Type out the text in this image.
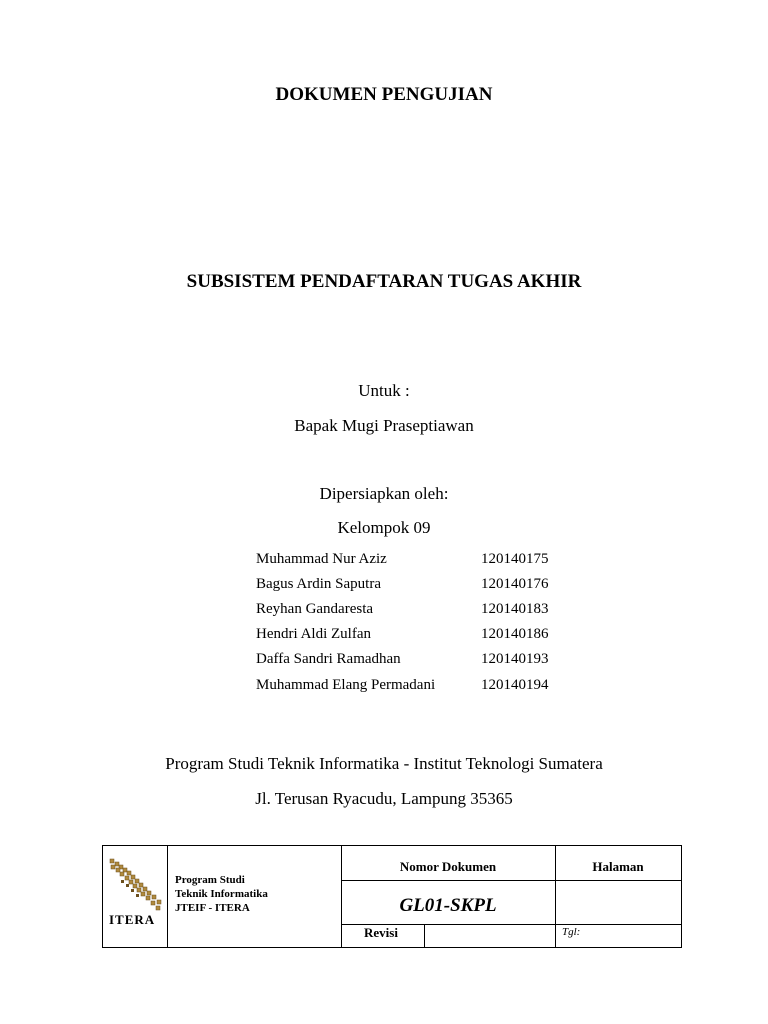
DOKUMEN PENGUJIAN
SUBSISTEM PENDAFTARAN TUGAS AKHIR
Untuk :
Bapak Mugi Praseptiawan
Dipersiapkan oleh:
Kelompok 09
Muhammad Nur Aziz	120140175
Bagus Ardin Saputra	120140176
Reyhan Gandaresta	120140183
Hendri Aldi Zulfan	120140186
Daffa Sandri Ramadhan	120140193
Muhammad Elang Permadani	120140194
Program Studi Teknik Informatika - Institut Teknologi Sumatera
Jl. Terusan Ryacudu, Lampung 35365
ITERA
Program Studi
Teknik Informatika
JTEIF - ITERA
Nomor Dokumen	Halaman
GL01-SKPL
Revisi	Tgl:
